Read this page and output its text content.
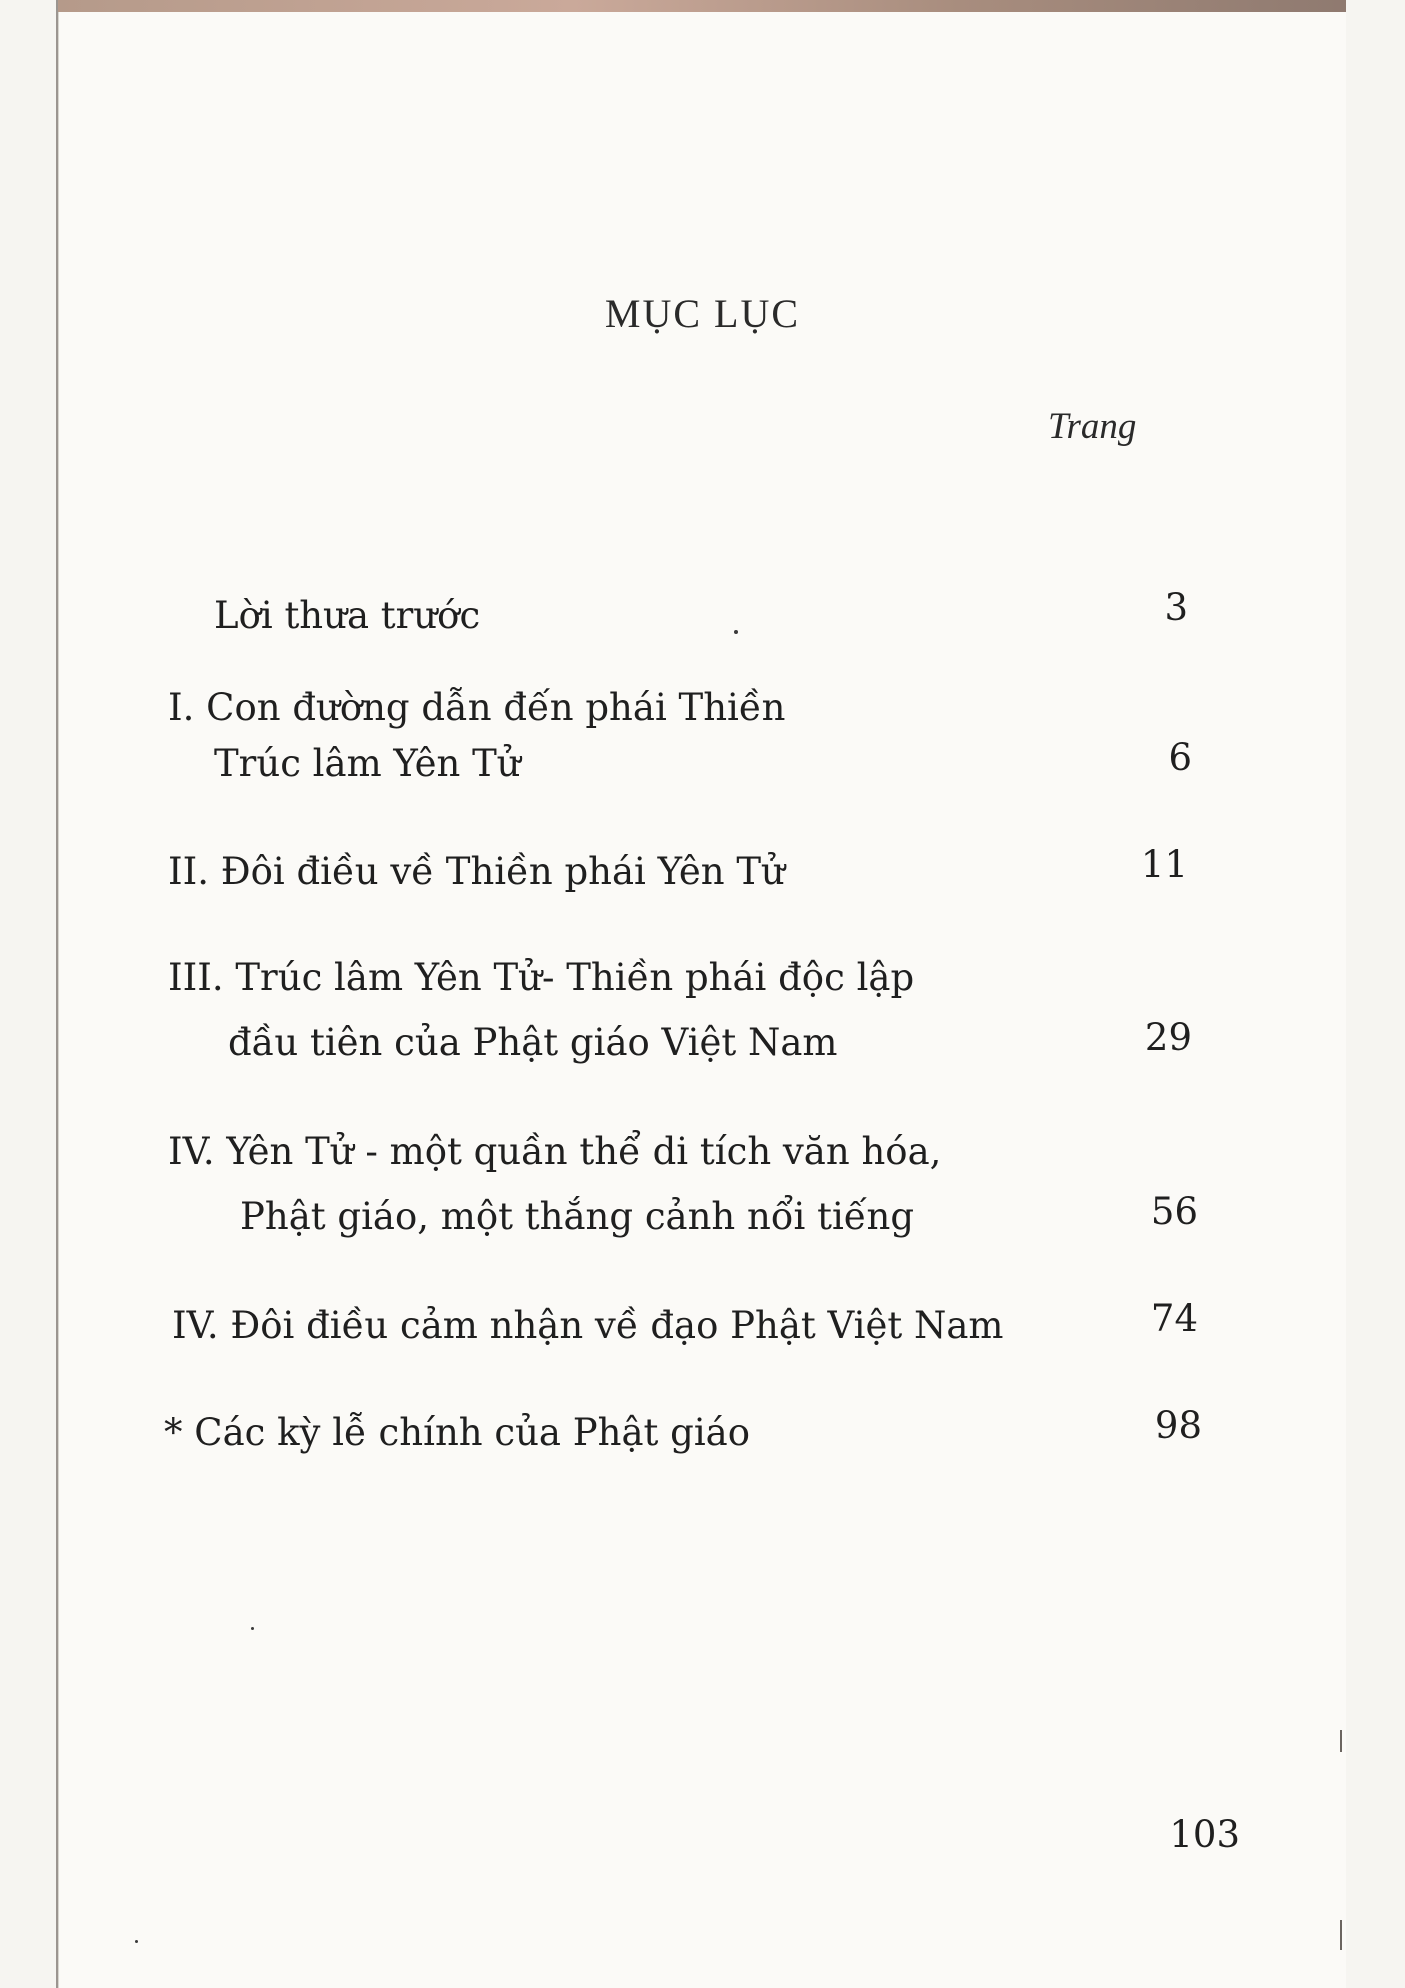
MỤC LỤC
Trang
Lời thưa trước	3
I. Con đường dẫn đến phái Thiền
Trúc lâm Yên Tử	6
II. Đôi điều về Thiền phái Yên Tử	11
III. Trúc lâm Yên Tử- Thiền phái độc lập
đầu tiên của Phật giáo Việt Nam	29
IV. Yên Tử - một quần thể di tích văn hóa,
Phật giáo, một thắng cảnh nổi tiếng	56
IV. Đôi điều cảm nhận về đạo Phật Việt Nam	74
* Các kỳ lễ chính của Phật giáo	98
103
